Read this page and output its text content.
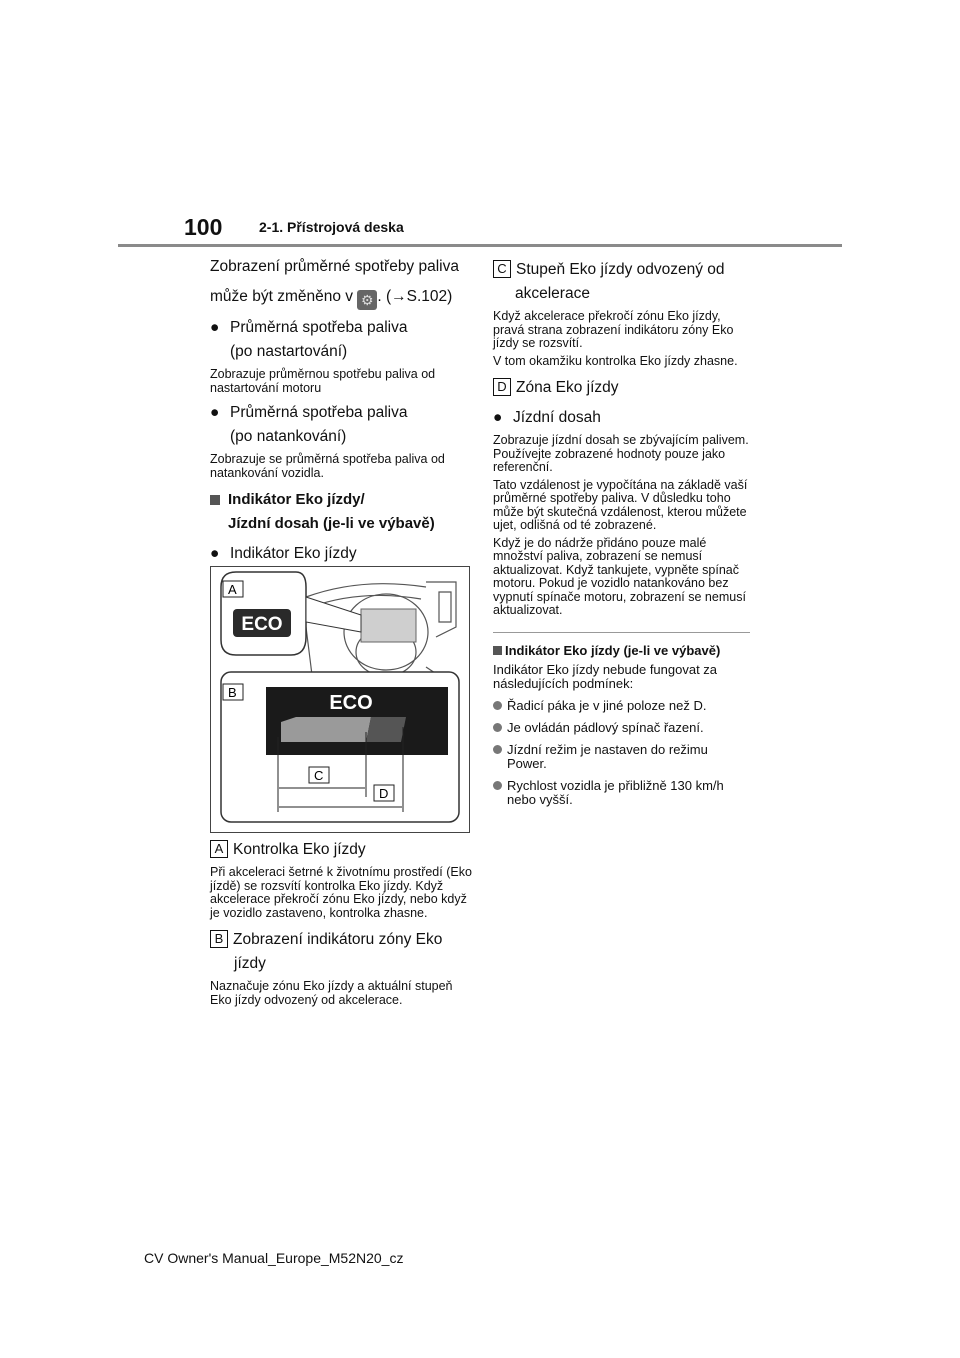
100	2-1. Přístrojová deska
Zobrazení průměrné spotřeby paliva
může být změněno v ⚙ . (→S.102)
● Průměrná spotřeba paliva
(po nastartování)
Zobrazuje průměrnou spotřebu paliva od nastartování motoru
● Průměrná spotřeba paliva
(po natankování)
Zobrazuje se průměrná spotřeba paliva od natankování vozidla.
Indikátor Eko jízdy/
Jízdní dosah (je-li ve výbavě)
● Indikátor Eko jízdy
A
ECO
B	ECO
C
D
A Kontrolka Eko jízdy
Při akceleraci šetrné k životnímu prostředí (Eko jízdě) se rozsvítí kontrolka Eko jízdy. Když akcelerace překročí zónu Eko jízdy, nebo když je vozidlo zastaveno, kontrolka zhasne.
B Zobrazení indikátoru zóny Eko
jízdy
Naznačuje zónu Eko jízdy a aktuální stupeň Eko jízdy odvozený od akcelerace.
C Stupeň Eko jízdy odvozený od
akcelerace
Když akcelerace překročí zónu Eko jízdy, pravá strana zobrazení indikátoru zóny Eko jízdy se rozsvítí.
V tom okamžiku kontrolka Eko jízdy zhasne.
D Zóna Eko jízdy
● Jízdní dosah
Zobrazuje jízdní dosah se zbývajícím palivem. Používejte zobrazené hodnoty pouze jako referenční.
Tato vzdálenost je vypočítána na základě vaší průměrné spotřeby paliva. V důsledku toho může být skutečná vzdálenost, kterou můžete ujet, odlišná od té zobrazené.
Když je do nádrže přidáno pouze malé množství paliva, zobrazení se nemusí aktualizovat. Když tankujete, vypněte spínač motoru. Pokud je vozidlo natankováno bez vypnutí spínače motoru, zobrazení se nemusí aktualizovat.
Indikátor Eko jízdy (je-li ve výbavě)
Indikátor Eko jízdy nebude fungovat za následujících podmínek:
Řadicí páka je v jiné poloze než D.
Je ovládán pádlový spínač řazení.
Jízdní režim je nastaven do režimu Power.
Rychlost vozidla je přibližně 130 km/h nebo vyšší.
CV Owner's Manual_Europe_M52N20_cz
